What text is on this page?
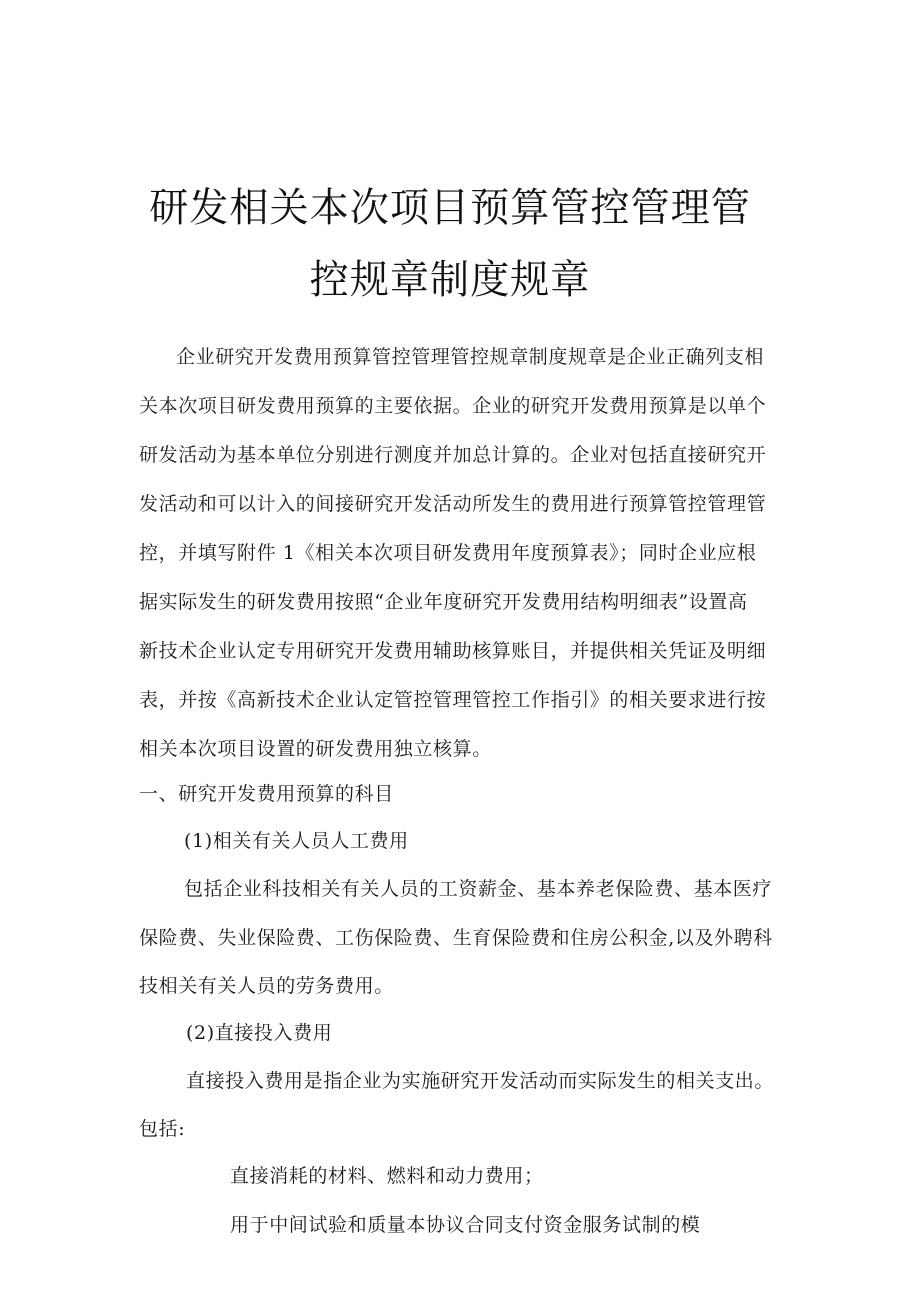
研发相关本次项目预算管控管理管
控规章制度规章
企业研究开发费用预算管控管理管控规章制度规章是企业正确列支相
关本次项目研发费用预算的主要依据。企业的研究开发费用预算是以单个
研发活动为基本单位分别进行测度并加总计算的。企业对包括直接研究开
发活动和可以计入的间接研究开发活动所发生的费用进行预算管控管理管
控，并填写附件 1《相关本次项目研发费用年度预算表》；同时企业应根
据实际发生的研发费用按照“企业年度研究开发费用结构明细表”设置高
新技术企业认定专用研究开发费用辅助核算账目，并提供相关凭证及明细
表，并按《高新技术企业认定管控管理管控工作指引》的相关要求进行按
相关本次项目设置的研发费用独立核算。
一、研究开发费用预算的科目
(1)相关有关人员人工费用
包括企业科技相关有关人员的工资薪金、基本养老保险费、基本医疗
保险费、失业保险费、工伤保险费、生育保险费和住房公积金,以及外聘科
技相关有关人员的劳务费用。
(2)直接投入费用
直接投入费用是指企业为实施研究开发活动而实际发生的相关支出。
包括:
直接消耗的材料、燃料和动力费用；
用于中间试验和质量本协议合同支付资金服务试制的模
